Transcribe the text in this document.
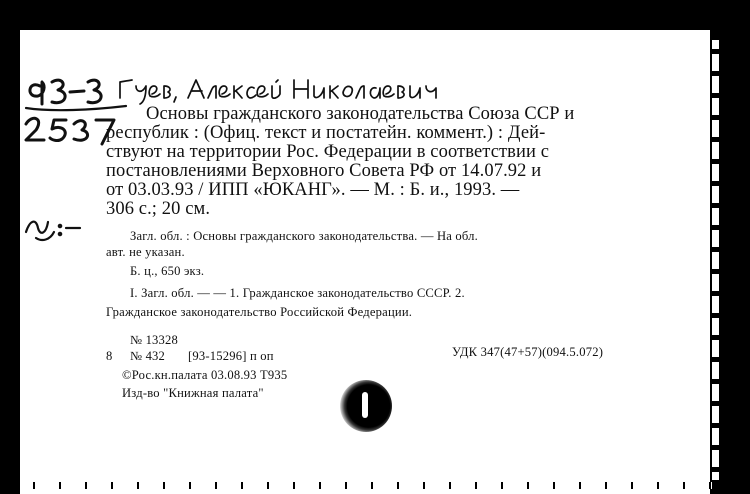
Основы гражданского законодательства Союза ССР и
республик : (Офиц. текст и постатейн. коммент.) : Дей-
ствуют на территории Рос. Федерации в соответствии с
постановлениями Верховного Совета РФ от 14.07.92 и
от 03.03.93 / ИПП «ЮКАНГ». — М. : Б. и., 1993. —
306 с.; 20 см.
Загл. обл. : Основы гражданского законодательства. — На обл.
авт. не указан.
Б. ц., 650 экз.
I. Загл. обл. — — 1. Гражданское законодательство СССР. 2.
Гражданское законодательство Российской Федерации.
№ 13328
8 № 432 [93-15296] п оп	УДК 347(47+57)(094.5.072)
©Рос.кн.палата 03.08.93 Т935
Изд-во "Книжная палата"
